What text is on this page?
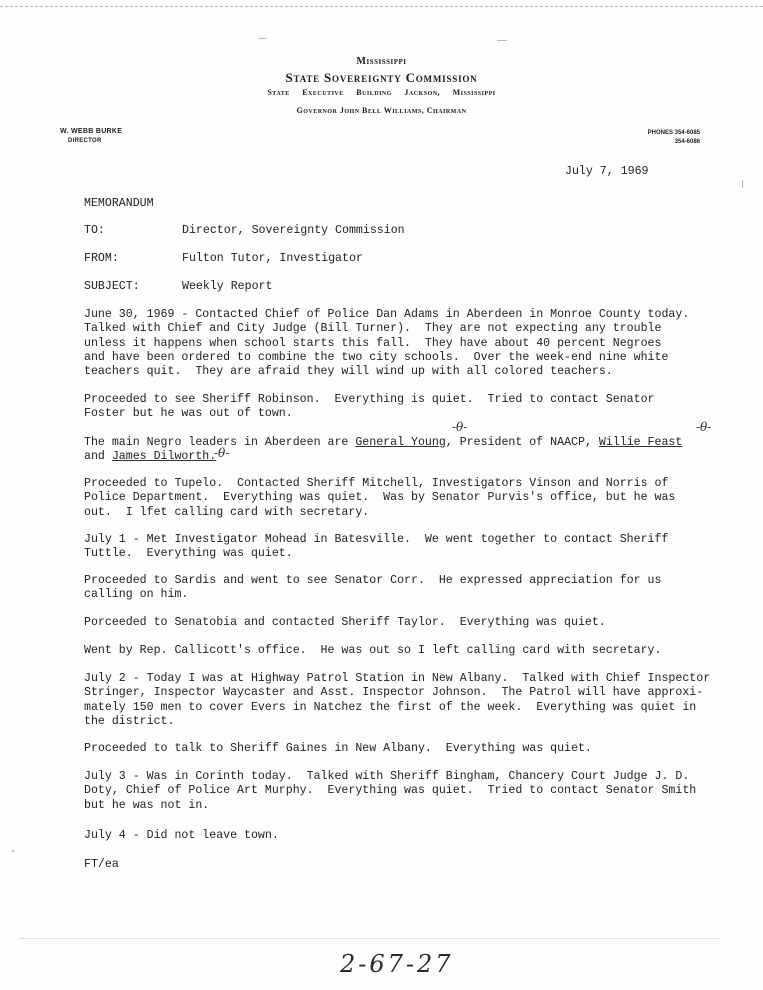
Mississippi
State Sovereignty Commission
State Executive Building Jackson, Mississippi
Governor John Bell Williams, Chairman
W. WEBB BURKE
DIRECTOR
PHONES 354-6085
354-6086
July 7, 1969
MEMORANDUM
TO:	Director, Sovereignty Commission
FROM:	Fulton Tutor, Investigator
SUBJECT:	Weekly Report

June 30, 1969 - Contacted Chief of Police Dan Adams in Aberdeen in Monroe County today.
Talked with Chief and City Judge (Bill Turner).  They are not expecting any trouble
unless it happens when school starts this fall.  They have about 40 percent Negroes
and have been ordered to combine the two city schools.  Over the week-end nine white
teachers quit.  They are afraid they will wind up with all colored teachers.

Proceeded to see Sheriff Robinson.  Everything is quiet.  Tried to contact Senator
Foster but he was out of town.

The main Negro leaders in Aberdeen are General Young, President of NAACP, Willie Feast
and James Dilworth.

-θ-	-θ-
-θ-

Proceeded to Tupelo.  Contacted Sheriff Mitchell, Investigators Vinson and Norris of
Police Department.  Everything was quiet.  Was by Senator Purvis's office, but he was
out.  I lfet calling card with secretary.

July 1 - Met Investigator Mohead in Batesville.  We went together to contact Sheriff
Tuttle.  Everything was quiet.

Proceeded to Sardis and went to see Senator Corr.  He expressed appreciation for us
calling on him.

Porceeded to Senatobia and contacted Sheriff Taylor.  Everything was quiet.

Went by Rep. Callicott's office.  He was out so I left calling card with secretary.

July 2 - Today I was at Highway Patrol Station in New Albany.  Talked with Chief Inspector
Stringer, Inspector Waycaster and Asst. Inspector Johnson.  The Patrol will have approxi-
mately 150 men to cover Evers in Natchez the first of the week.  Everything was quiet in
the district.

Proceeded to talk to Sheriff Gaines in New Albany.  Everything was quiet.

July 3 - Was in Corinth today.  Talked with Sheriff Bingham, Chancery Court Judge J. D.
Doty, Chief of Police Art Murphy.  Everything was quiet.  Tried to contact Senator Smith
but he was not in.

July 4 - Did not leave town.

FT/ea
2-67-27
